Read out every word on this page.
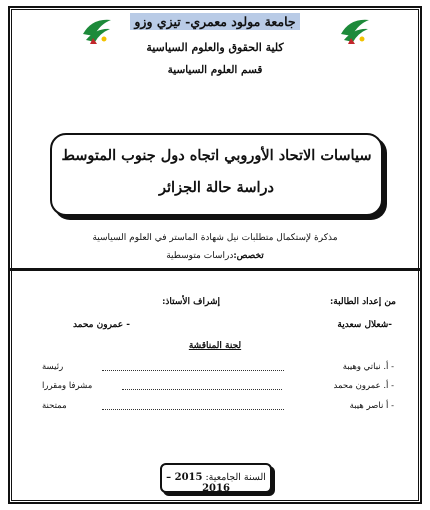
جامعة مولود معمري- تيزي وزو
كلية الحقوق والعلوم السياسية
قسم العلوم السياسية
سياسات الاتحاد الأوروبي اتجاه دول جنوب المتوسط
دراسة حالة الجزائر
مذكرة لإستكمال متطلبات نيل شهادة الماستر في العلوم السياسية
تخصص:دراسات متوسطية
من إعداد الطالبة:
إشراف الأستاذ:
-شعلال سعدية
- عمرون محمد
لجنة المناقشة
- أ. نباتي وهيبة
رئيسة
- أ. عمرون محمد
مشرفا ومقررا
- أ ناصر هيبة
ممتحنة
السنة الجامعية: 2015 –2016
